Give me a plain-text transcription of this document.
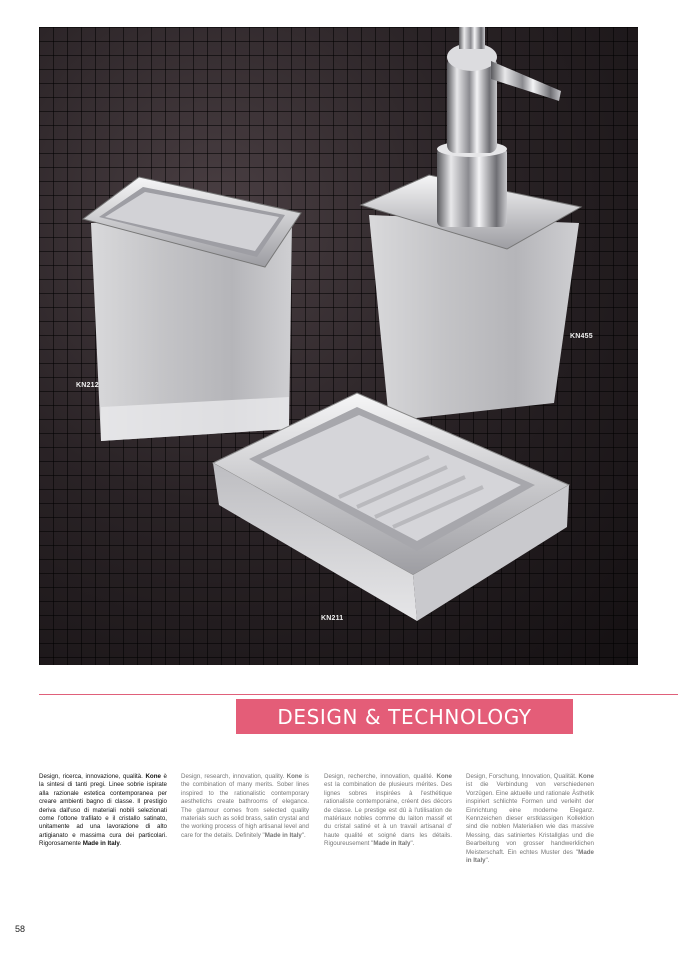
KN212
KN455
KN211
DESIGN & TECHNOLOGY
Design, ricerca, innovazione, qualità. Kone è la sintesi di tanti pregi. Linee sobrie ispirate alla razionale estetica contemporanea per creare ambienti bagno di classe. Il prestigio deriva dall'uso di materiali nobili selezionati come l'ottone trafilato e il cristallo satinato, unitamente ad una lavorazione di alto artigianato e massima cura dei particolari. Rigorosamente Made in Italy.
Design, research, innovation, quality. Kone is the combination of many merits. Sober lines inspired to the rationalistic contemporary aesthetichs create bathrooms of elegance. The glamour comes from selected quality materials such as solid brass, satin crystal and the working process of high artisanal level and care for the details. Definitely "Made in Italy".
Design, recherche, innovation, qualité. Kone est la combination de plusieurs mérites. Des lignes sobres inspirées à l'esthétique rationaliste contemporaine, créent des décors de classe. Le prestige est dû à l'utilisation de matériaux nobles comme du laiton massif et du cristal satiné et à un travail artisanal d' haute qualité et soigné dans les détails. Rigoureusement "Made in Italy".
Design, Forschung, Innovation, Qualität. Kone ist die Verbindung von verschiedenen Vorzügen. Eine aktuelle und rationale Ästhetik inspiriert schlichte Formen und verleiht der Einrichtung eine moderne Eleganz. Kennzeichen dieser erstklassigen Kollektion sind die noblen Materialien wie das massive Messing, das satiniertes Kristallglas und die Bearbeitung von grosser handwerklichen Meisterschaft. Ein echtes Muster des "Made in Italy".
58
